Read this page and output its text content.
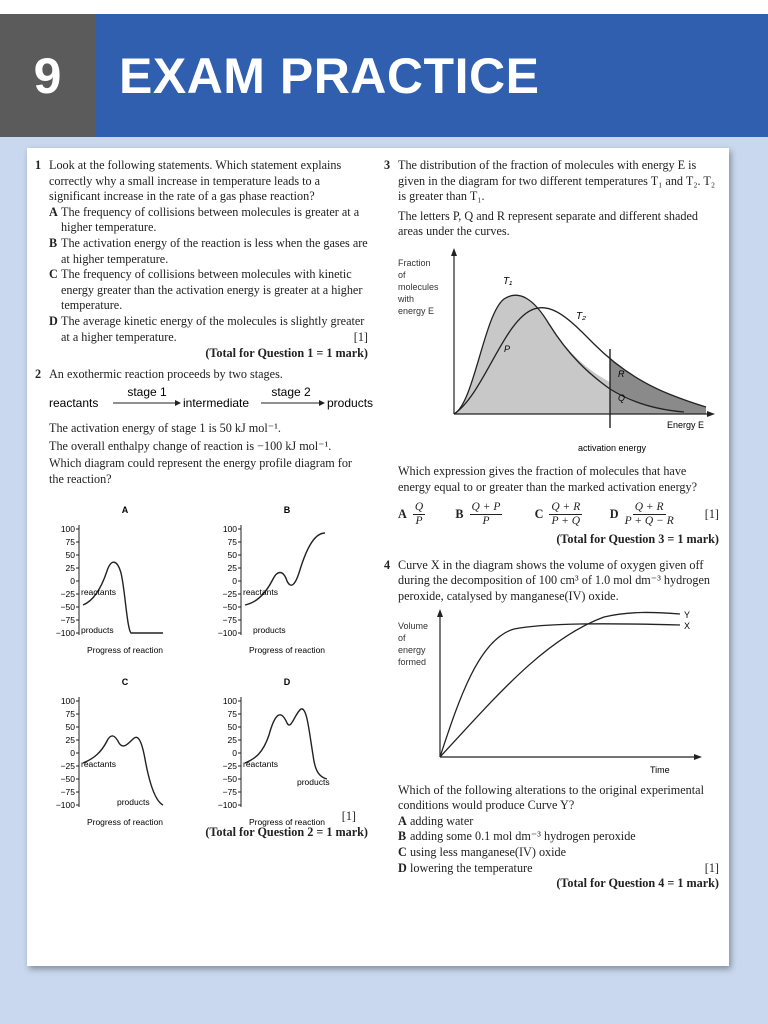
9	EXAM PRACTICE
1 Look at the following statements. Which statement explains correctly why a small increase in temperature leads to a significant increase in the rate of a gas phase reaction?
A The frequency of collisions between molecules is greater at a higher temperature.
B The activation energy of the reaction is less when the gases are at higher temperature.
C The frequency of collisions between molecules with kinetic energy greater than the activation energy is greater at a higher temperature.
D The average kinetic energy of the molecules is slightly greater at a higher temperature.	[1]
(Total for Question 1 = 1 mark)
2 An exothermic reaction proceeds by two stages.
reactants
stage 1
intermediate
stage 2
products
The activation energy of stage 1 is 50 kJ mol⁻¹.
The overall enthalpy change of reaction is −100 kJ mol⁻¹.
Which diagram could represent the energy profile diagram for the reaction?
A
100
75
50
25
0
−25
−50
−75
−100
reactants
products
Progress of reaction
B
100
75
50
25
0
−25
−50
−75
−100
reactants
products
Progress of reaction
C
100
75
50
25
0
−25
−50
−75
−100
reactants
products
Progress of reaction
D
100
75
50
25
0
−25
−50
−75
−100
reactants
products
Progress of reaction	[1]
(Total for Question 2 = 1 mark)
3 The distribution of the fraction of molecules with energy E is given in the diagram for two different temperatures T₁ and T₂. T₂ is greater than T₁.
The letters P, Q and R represent separate and different shaded areas under the curves.
Fraction
of
molecules
with
energy E
T₁
T₂
P
R
Q
Energy E
activation energy
Which expression gives the fraction of molecules that have energy equal to or greater than the marked activation energy?
A $\frac{Q}{P}$ B $\frac{Q + P}{P}$	C $\frac{Q + R}{P + Q}$ D $\frac{Q + R}{P + Q - R}$	[1]
(Total for Question 3 = 1 mark)
4 Curve X in the diagram shows the volume of oxygen given off during the decomposition of 100 cm³ of 1.0 mol dm⁻³ hydrogen peroxide, catalysed by manganese(IV) oxide.
Volume
of
energy
formed
Y
X
Time
Which of the following alterations to the original experimental conditions would produce Curve Y?
A adding water
B adding some 0.1 mol dm⁻³ hydrogen peroxide
C using less manganese(IV) oxide
D lowering the temperature	[1]
(Total for Question 4 = 1 mark)
